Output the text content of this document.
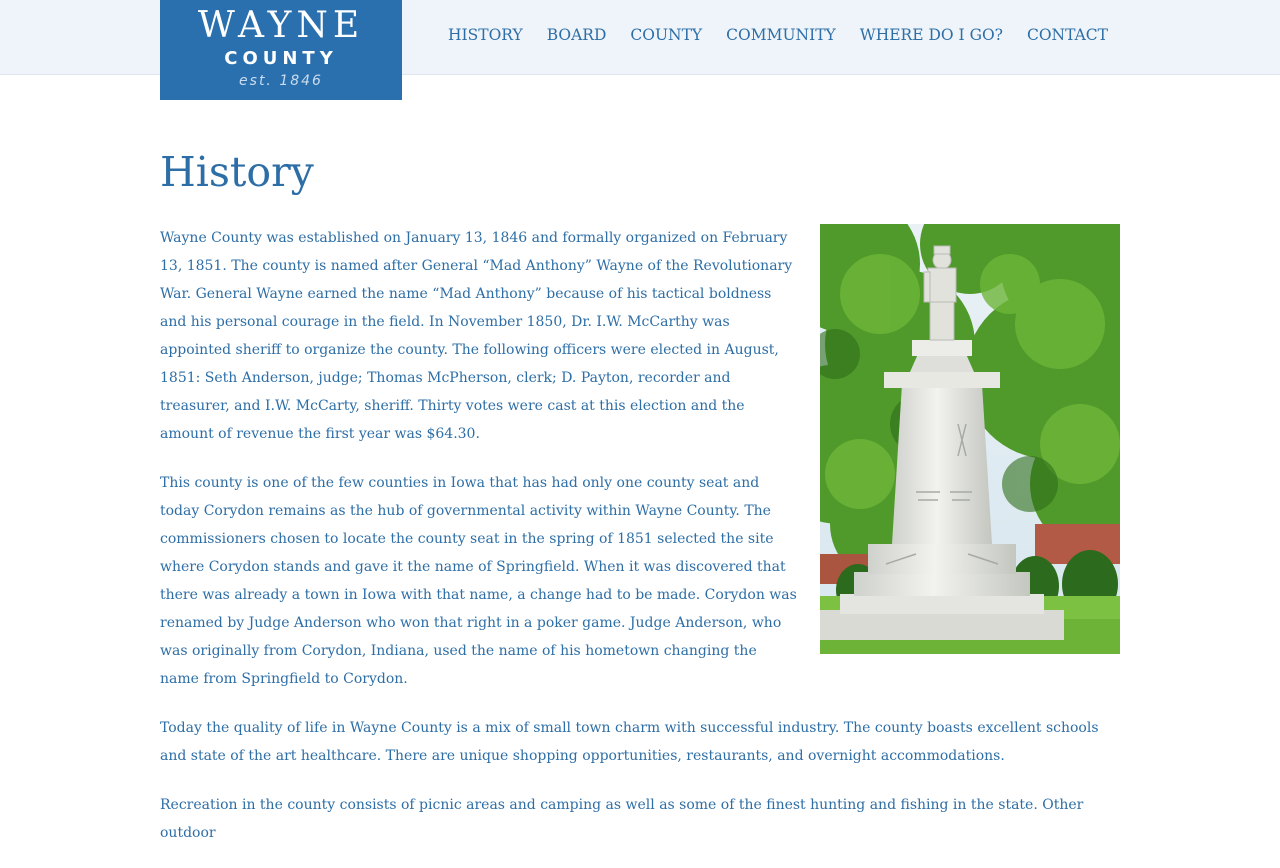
WAYNE
COUNTY
est. 1846
HISTORY BOARD COUNTY COMMUNITY WHERE DO I GO? CONTACT
History

Wayne County was established on January 13, 1846 and formally organized on February 13, 1851. The county is named after General “Mad Anthony” Wayne of the Revolutionary War. General Wayne earned the name “Mad Anthony” because of his tactical boldness and his personal courage in the field. In November 1850, Dr. I.W. McCarthy was appointed sheriff to organize the county. The following officers were elected in August, 1851: Seth Anderson, judge; Thomas McPherson, clerk; D. Payton, recorder and treasurer, and I.W. McCarty, sheriff. Thirty votes were cast at this election and the amount of revenue the first year was $64.30.

This county is one of the few counties in Iowa that has had only one county seat and today Corydon remains as the hub of governmental activity within Wayne County. The commissioners chosen to locate the county seat in the spring of 1851 selected the site where Corydon stands and gave it the name of Springfield. When it was discovered that there was already a town in Iowa with that name, a change had to be made. Corydon was renamed by Judge Anderson who won that right in a poker game. Judge Anderson, who was originally from Corydon, Indiana, used the name of his hometown changing the name from Springfield to Corydon.

Today the quality of life in Wayne County is a mix of small town charm with successful industry. The county boasts excellent schools and state of the art healthcare. There are unique shopping opportunities, restaurants, and overnight accommodations.

Recreation in the county consists of picnic areas and camping as well as some of the finest hunting and fishing in the state. Other outdoor
